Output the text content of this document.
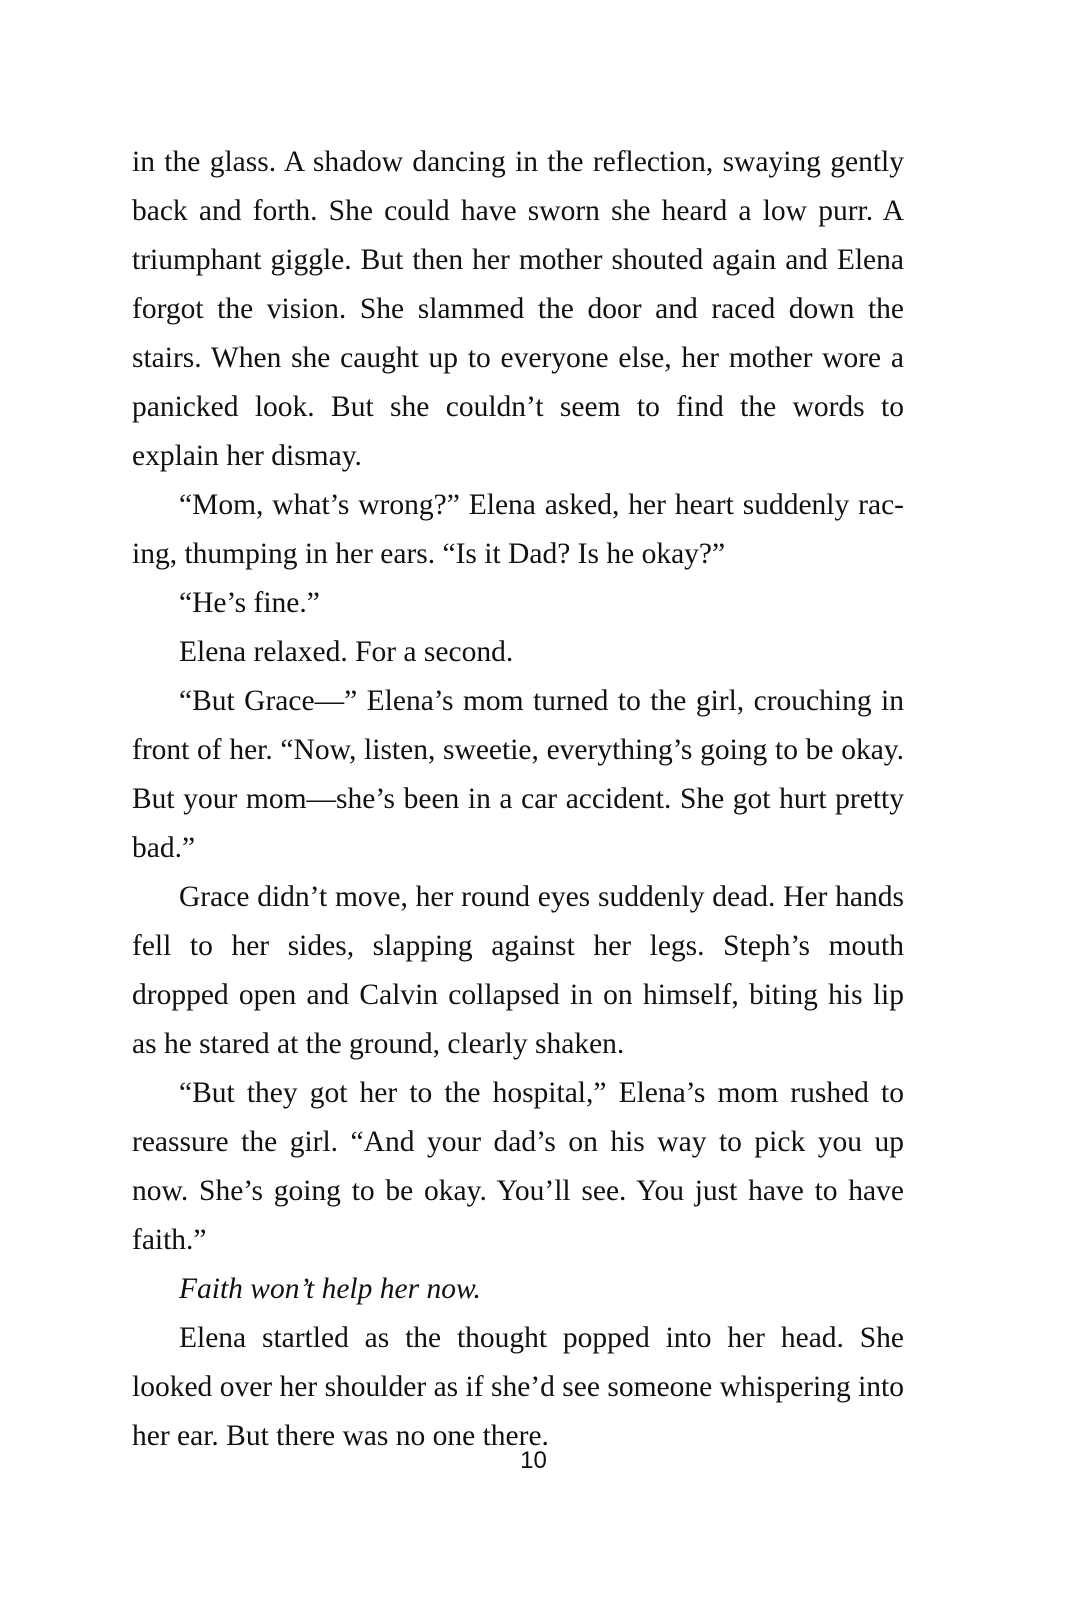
in the glass. A shadow dancing in the reflection, swaying gently back and forth. She could have sworn she heard a low purr. A triumphant giggle. But then her mother shouted again and Elena forgot the vision. She slammed the door and raced down the stairs. When she caught up to everyone else, her mother wore a panicked look. But she couldn’t seem to find the words to explain her dismay.

“Mom, what’s wrong?” Elena asked, her heart suddenly racing, thumping in her ears. “Is it Dad? Is he okay?”

“He’s fine.”

Elena relaxed. For a second.

“But Grace—” Elena’s mom turned to the girl, crouching in front of her. “Now, listen, sweetie, everything’s going to be okay. But your mom—she’s been in a car accident. She got hurt pretty bad.”

Grace didn’t move, her round eyes suddenly dead. Her hands fell to her sides, slapping against her legs. Steph’s mouth dropped open and Calvin collapsed in on himself, biting his lip as he stared at the ground, clearly shaken.

“But they got her to the hospital,” Elena’s mom rushed to reassure the girl. “And your dad’s on his way to pick you up now. She’s going to be okay. You’ll see. You just have to have faith.”

Faith won’t help her now.

Elena startled as the thought popped into her head. She looked over her shoulder as if she’d see someone whispering into her ear. But there was no one there.

10
